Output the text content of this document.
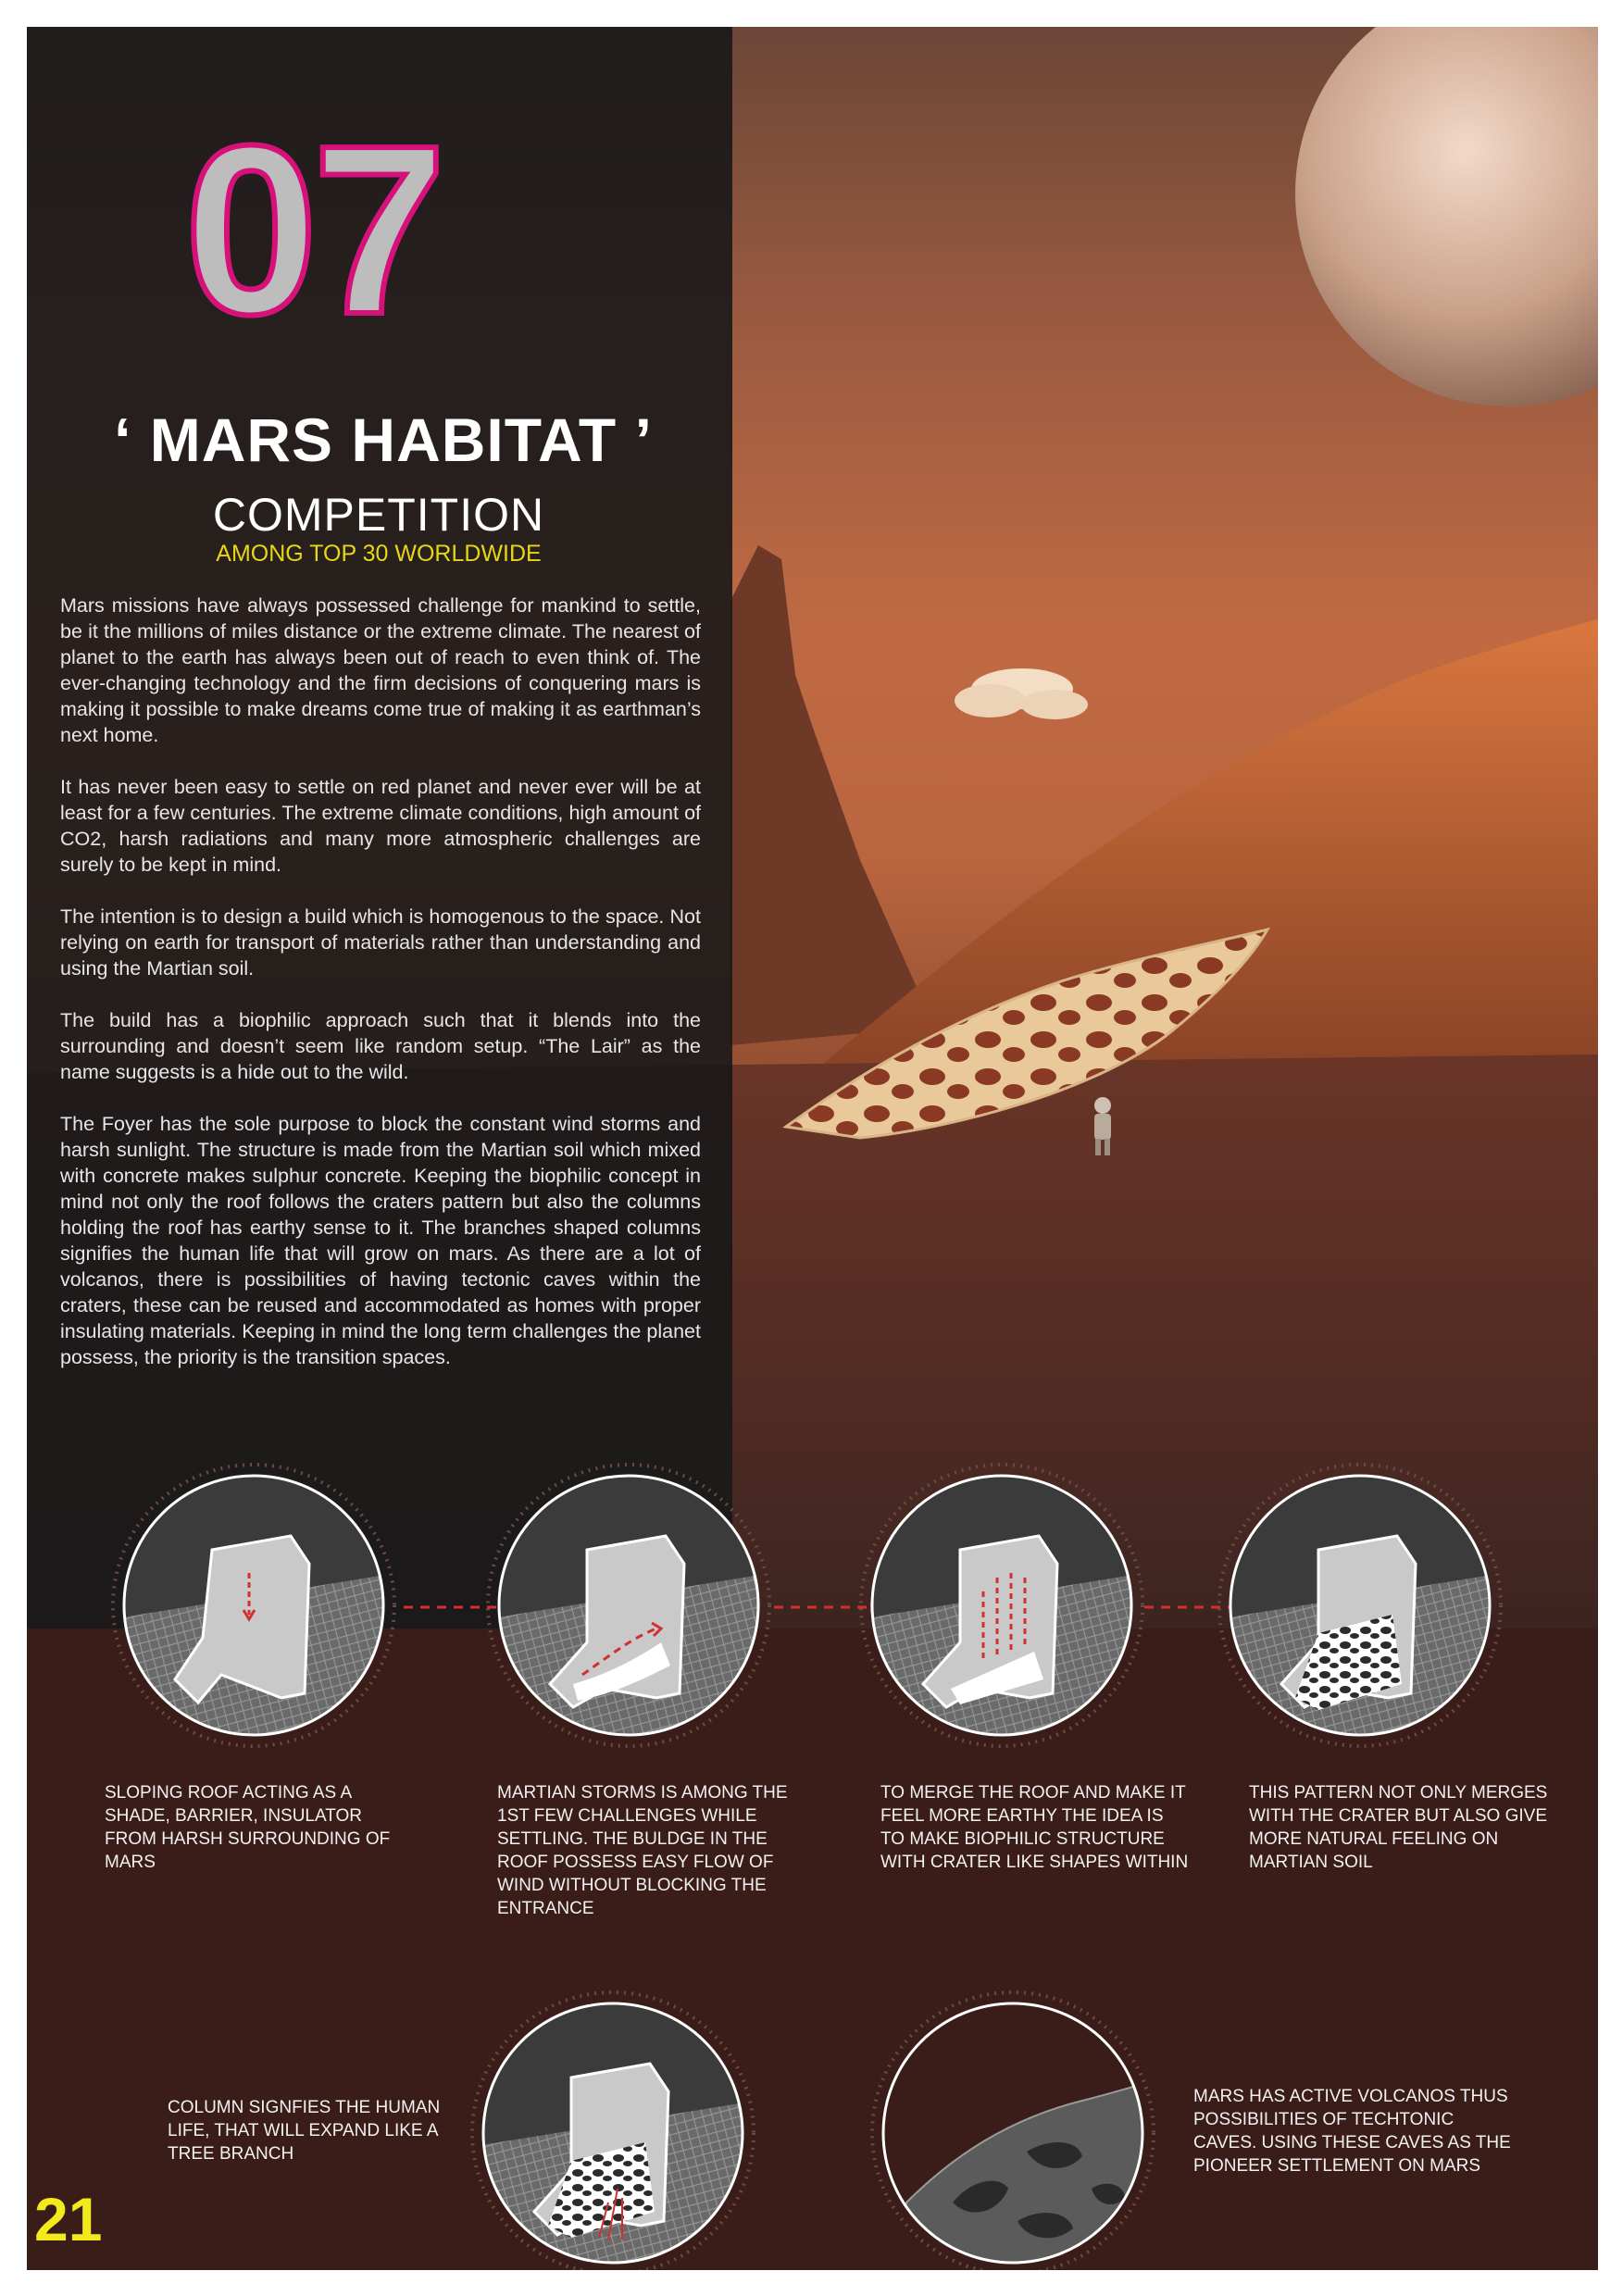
07
‘ MARS HABITAT ’
COMPETITION
AMONG TOP 30 WORLDWIDE

Mars missions have always possessed challenge for mankind to settle, be it the millions of miles distance or the extreme climate. The nearest of planet to the earth has always been out of reach to even think of. The ever-changing technology and the firm decisions of conquering mars is making it possible to make dreams come true of making it as earthman’s next home.

It has never been easy to settle on red planet and never ever will be at least for a few centuries. The extreme climate conditions, high amount of CO2, harsh radiations and many more atmospheric challenges are surely to be kept in mind.

The intention is to design a build which is homogenous to the space. Not relying on earth for transport of materials rather than understanding and using the Martian soil.

The build has a biophilic approach such that it blends into the surrounding and doesn’t seem like random setup. “The Lair” as the name suggests is a hide out to the wild.

The Foyer has the sole purpose to block the constant wind storms and harsh sunlight. The structure is made from the Martian soil which mixed with concrete makes sulphur concrete. Keeping the biophilic concept in mind not only the roof follows the craters pattern but also the columns holding the roof has earthy sense to it. The branches shaped columns signifies the human life that will grow on mars. As there are a lot of volcanos, there is possibilities of having tectonic caves within the craters, these can be reused and accommodated as homes with proper insulating materials. Keeping in mind the long term challenges the planet possess, the priority is the transition spaces.

SLOPING ROOF ACTING AS A SHADE, BARRIER, INSULATOR FROM HARSH SURROUNDING OF MARS
MARTIAN STORMS IS AMONG THE 1ST FEW CHALLENGES WHILE SETTLING. THE BULDGE IN THE ROOF POSSESS EASY FLOW OF WIND WITHOUT BLOCKING THE ENTRANCE
TO MERGE THE ROOF AND MAKE IT FEEL MORE EARTHY THE IDEA IS TO MAKE BIOPHILIC STRUCTURE WITH CRATER LIKE SHAPES WITHIN
THIS PATTERN NOT ONLY MERGES WITH THE CRATER BUT ALSO GIVE MORE NATURAL FEELING ON MARTIAN SOIL
COLUMN SIGNFIES THE HUMAN LIFE, THAT WILL EXPAND LIKE A TREE BRANCH
MARS HAS ACTIVE VOLCANOS THUS POSSIBILITIES OF TECHTONIC CAVES. USING THESE CAVES AS THE PIONEER SETTLEMENT ON MARS
21
